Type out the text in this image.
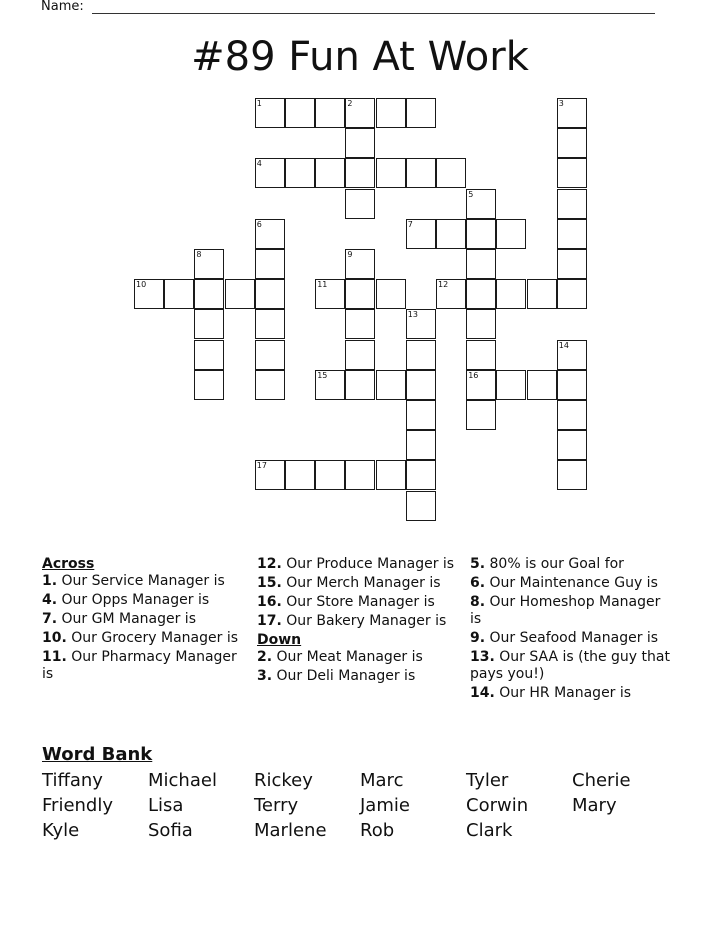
Name:
#89 Fun At Work
1	2	3
4
5
16
6	7
8	9
10	11	12
13
14
15
17
Across
1. Our Service Manager is
4. Our Opps Manager is
7. Our GM Manager is
10. Our Grocery Manager is
11. Our Pharmacy Manager is
12. Our Produce Manager is
15. Our Merch Manager is
16. Our Store Manager is
17. Our Bakery Manager is
Down
2. Our Meat Manager is
3. Our Deli Manager is
5. 80% is our Goal for
6. Our Maintenance Guy is
8. Our Homeshop Manager is
9. Our Seafood Manager is
13. Our SAA is (the guy that pays you!)
14. Our HR Manager is
Word Bank
Tiffany	Michael	Rickey	Marc	Tyler	Cherie
Friendly	Lisa	Terry	Jamie	Corwin	Mary
Kyle	Sofia	Marlene	Rob	Clark
